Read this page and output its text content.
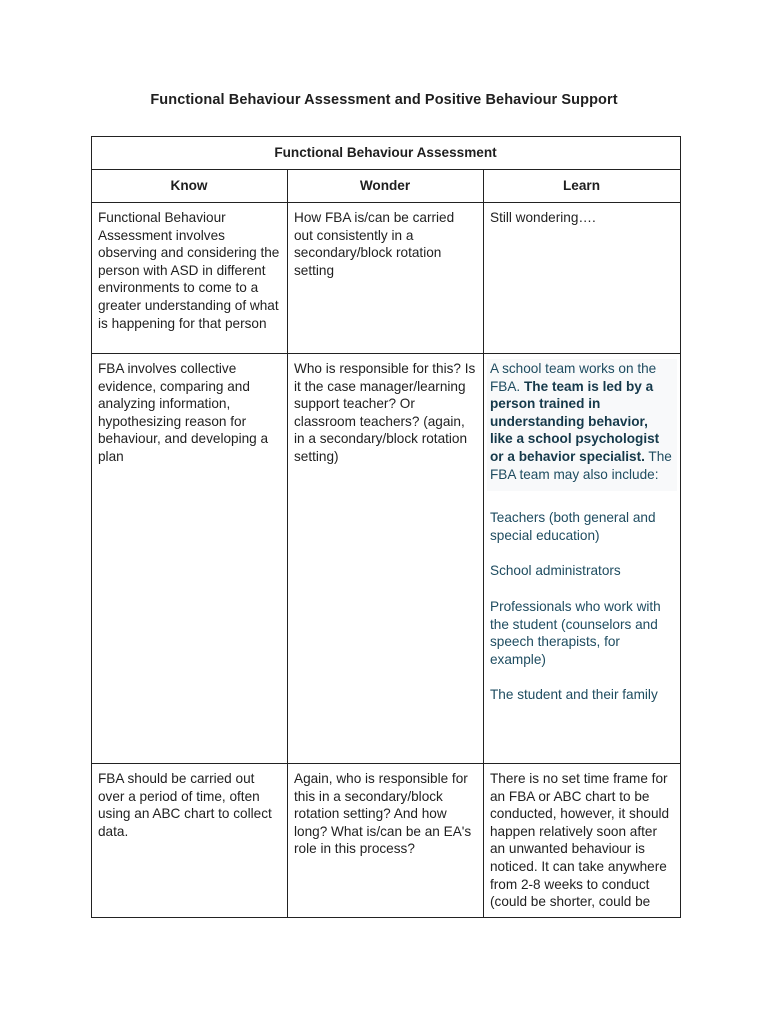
Functional Behaviour Assessment and Positive Behaviour Support
Functional Behaviour Assessment		
Know	Wonder	Learn
Functional Behaviour Assessment involves observing and considering the person with ASD in different environments to come to a greater understanding of what is happening for that person	How FBA is/can be carried out consistently in a secondary/block rotation setting	Still wondering….
FBA involves collective evidence, comparing and analyzing information, hypothesizing reason for behaviour, and developing a plan	Who is responsible for this? Is it the case manager/learning support teacher? Or classroom teachers? (again, in a secondary/block rotation setting)	A school team works on the FBA. The team is led by a person trained in understanding behavior, like a school psychologist or a behavior specialist. The FBA team may also include:

Teachers (both general and special education)

School administrators

Professionals who work with the student (counselors and speech therapists, for example)

The student and their family

FBA should be carried out over a period of time, often using an ABC chart to collect data.	Again, who is responsible for this in a secondary/block rotation setting? And how long? What is/can be an EA's role in this process?	There is no set time frame for an FBA or ABC chart to be conducted, however, it should happen relatively soon after an unwanted behaviour is noticed. It can take anywhere from 2-8 weeks to conduct (could be shorter, could be
